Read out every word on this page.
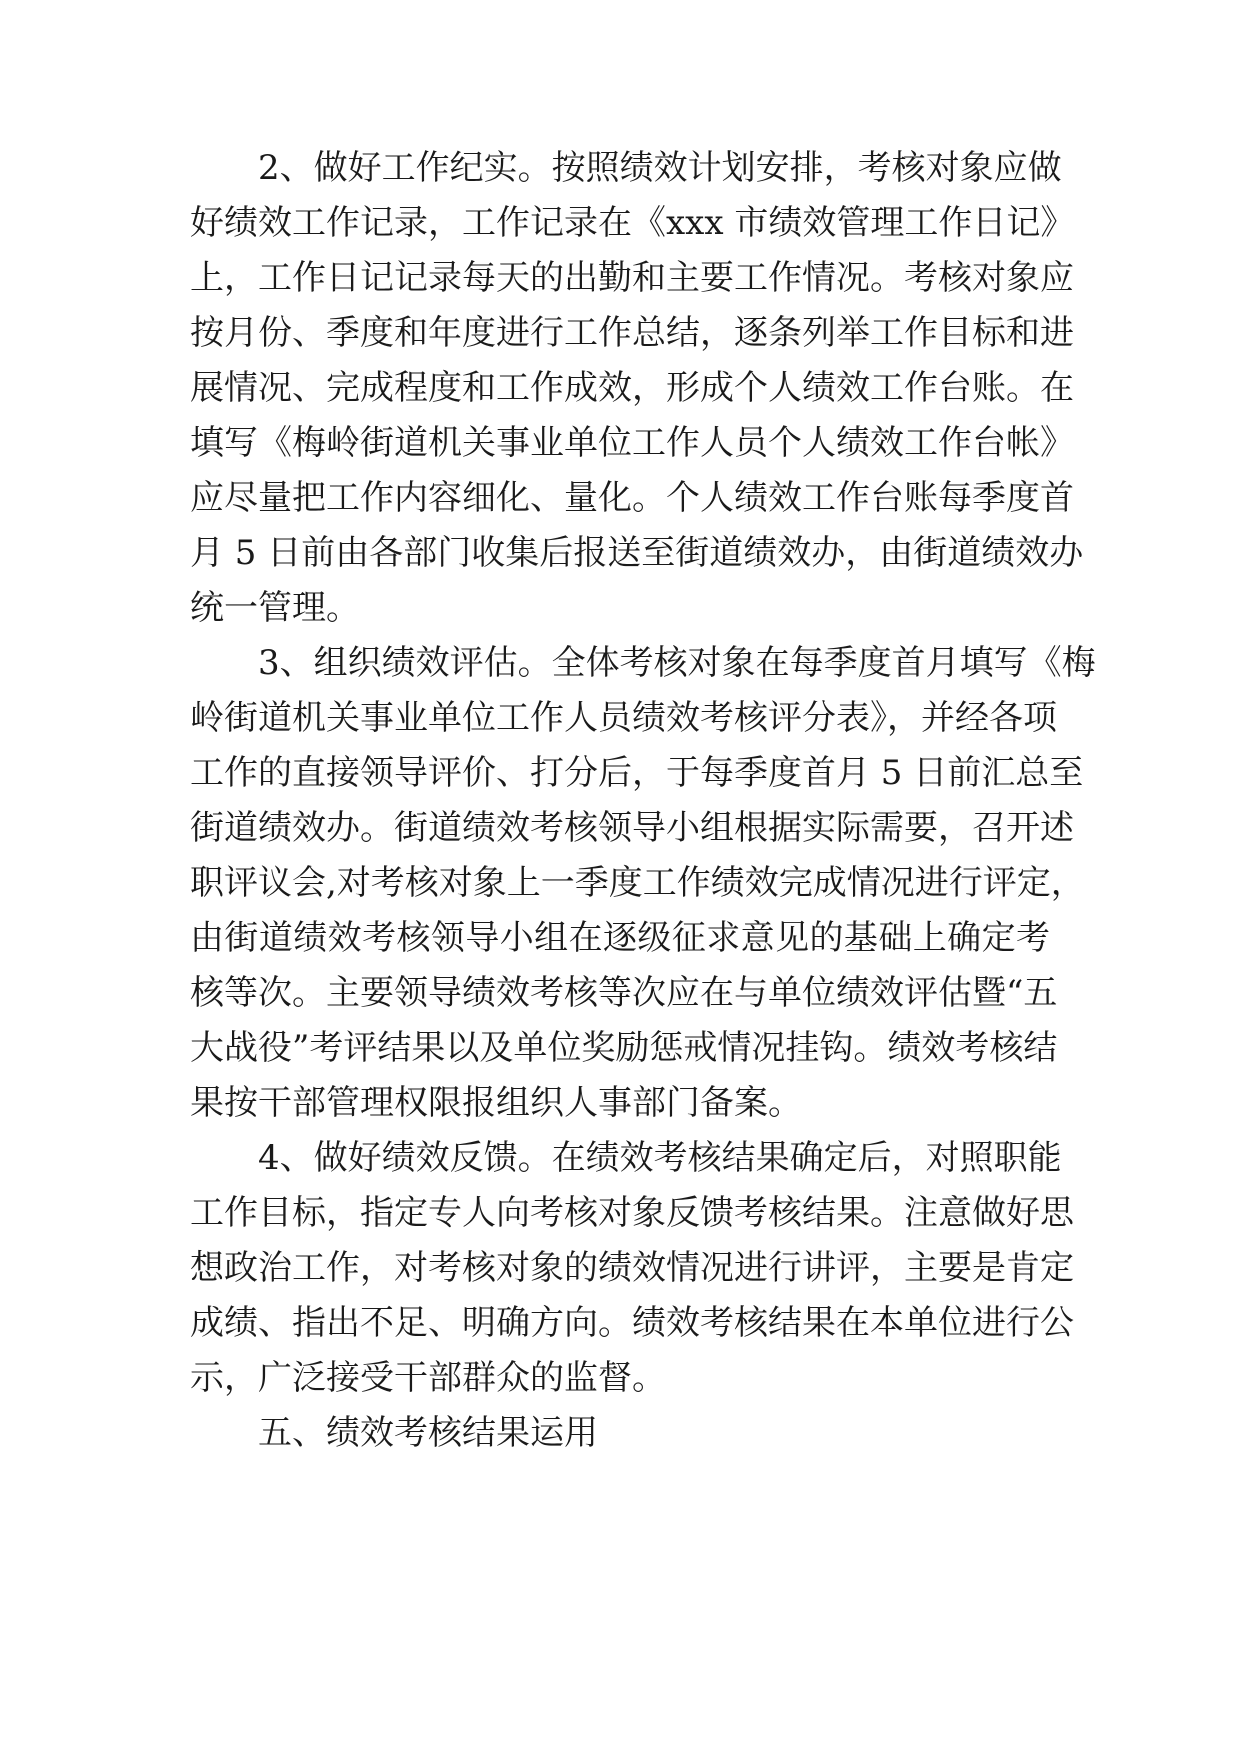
2、做好工作纪实。按照绩效计划安排，考核对象应做
好绩效工作记录，工作记录在《xxx 市绩效管理工作日记》
上，工作日记记录每天的出勤和主要工作情况。考核对象应
按月份、季度和年度进行工作总结，逐条列举工作目标和进
展情况、完成程度和工作成效，形成个人绩效工作台账。在
填写《梅岭街道机关事业单位工作人员个人绩效工作台帐》
应尽量把工作内容细化、量化。个人绩效工作台账每季度首
月 5 日前由各部门收集后报送至街道绩效办，由街道绩效办
统一管理。
3、组织绩效评估。全体考核对象在每季度首月填写《梅
岭街道机关事业单位工作人员绩效考核评分表》，并经各项
工作的直接领导评价、打分后，于每季度首月 5 日前汇总至
街道绩效办。街道绩效考核领导小组根据实际需要，召开述
职评议会,对考核对象上一季度工作绩效完成情况进行评定，
由街道绩效考核领导小组在逐级征求意见的基础上确定考
核等次。主要领导绩效考核等次应在与单位绩效评估暨“五
大战役”考评结果以及单位奖励惩戒情况挂钩。绩效考核结
果按干部管理权限报组织人事部门备案。
4、做好绩效反馈。在绩效考核结果确定后，对照职能
工作目标，指定专人向考核对象反馈考核结果。注意做好思
想政治工作，对考核对象的绩效情况进行讲评，主要是肯定
成绩、指出不足、明确方向。绩效考核结果在本单位进行公
示，广泛接受干部群众的监督。
五、绩效考核结果运用
